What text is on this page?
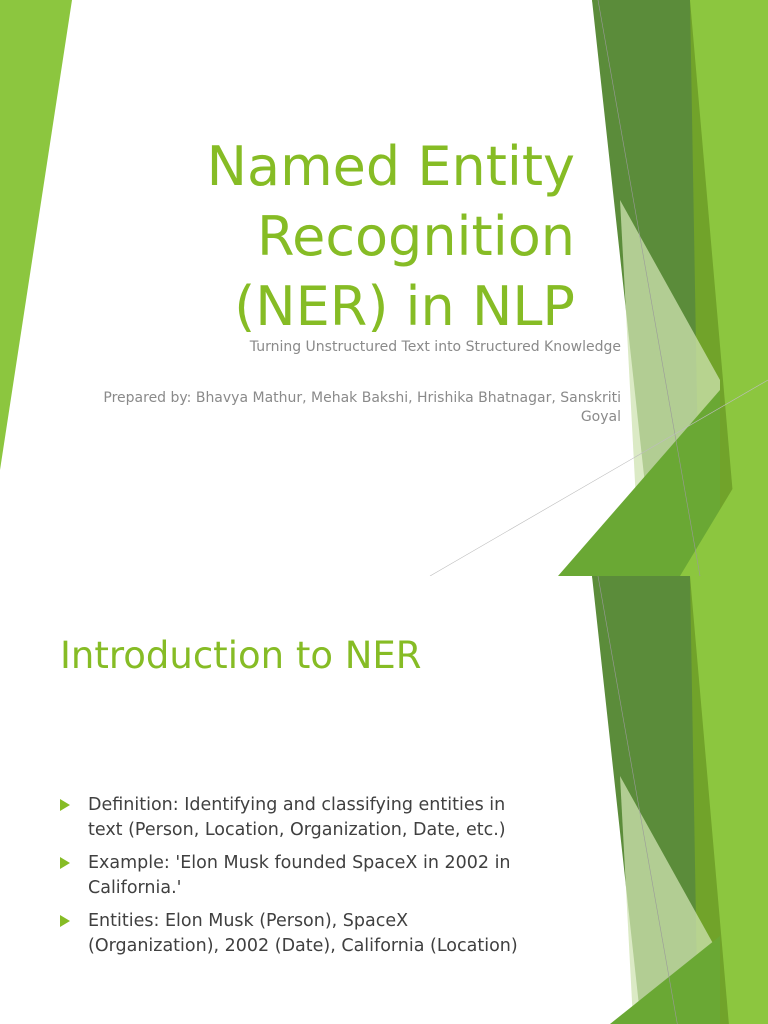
Named Entity
Recognition
(NER) in NLP

Turning Unstructured Text into Structured Knowledge

Prepared by: Bhavya Mathur, Mehak Bakshi, Hrishika Bhatnagar, Sanskriti
Goyal

Introduction to NER
Definition: Identifying and classifying entities in
text (Person, Location, Organization, Date, etc.)
Example: 'Elon Musk founded SpaceX in 2002 in
California.'
Entities: Elon Musk (Person), SpaceX
(Organization), 2002 (Date), California (Location)
